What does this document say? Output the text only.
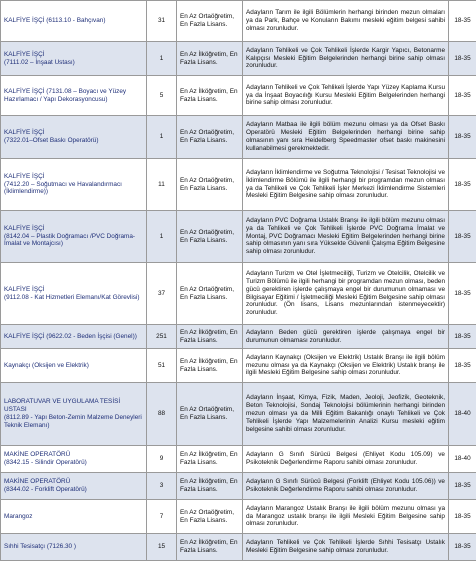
KALFİYE İŞÇİ (6113.10 - Bahçıvan)	31	En Az Ortaöğretim,
En Fazla Lisans.	Adayların Tarım ile ilgili Bölümlerin herhangi birinden mezun olmaları ya da Park, Bahçe ve Konuların Bakımı mesleki eğitim belgesi sahibi olması zorunludur.	18-35

KALFİYE İŞÇİ
(7111.02 – İnşaat Ustası)	1	En Az İlköğretim, En
Fazla Lisans.	Adayların Tehlikeli ve Çok Tehlikeli İşlerde Kargir Yapıcı, Betonarme Kalıpçısı Mesleki Eğitim Belgelerinden herhangi birine sahip olması zorunludur.	18-35

KALFİYE İŞÇİ (7131.08 – Boyacı ve Yüzey
Hazırlamacı / Yapı Dekorasyoncusu)	5	En Az İlköğretim, En
Fazla Lisans.	Adayların Tehlikeli ve Çok Tehlikeli İşlerde Yapı Yüzey Kaplama Kursu ya da İnşaat Boyacılığı Kursu Mesleki Eğitim Belgelerinden herhangi birine sahip olması zorunludur.	18-35

KALFİYE İŞÇİ
(7322.01–Ofset Baskı Operatörü)	1	En Az Ortaöğretim,
En Fazla Lisans.	Adayların Matbaa ile ilgili bölüm mezunu olması ya da Ofset Baskı Operatörü Mesleki Eğitim Belgelerinden herhangi birine sahip olmasının yanı sıra Heidelberg Speedmaster ofset baskı makinesini kullanabilmesi gerekmektedir.	18-35

KALFİYE İŞÇİ
(7412.20 – Soğutmacı ve Havalandırmacı (İklimlendirme))	11	En Az Ortaöğretim,
En Fazla Lisans.	Adayların İklimlendirme ve Soğutma Teknolojisi / Tesisat Teknolojisi ve İklimlendirme Bölümü ile ilgili herhangi bir programdan mezun olması ya da Tehlikeli ve Çok Tehlikeli İşler Merkezi İklimlendirme Sistemleri Mesleki Eğitim Belgesine sahip olması zorunludur.	18-35

KALFİYE İŞÇİ
(8142.04 – Plastik Doğramacı /PVC Doğrama-İmalat ve Montajcısı)	1	En Az Ortaöğretim,
En Fazla Lisans.	Adayların PVC Doğrama Ustalık Branşı ile ilgili bölüm mezunu olması ya da Tehlikeli ve Çok Tehlikeli İşlerde PVC Doğrama İmalat ve Montaj, PVC Doğramacı Mesleki Eğitim Belgelerinden herhangi birine sahip olmasının yanı sıra Yüksekte Güvenli Çalışma Eğitim Belgesine sahip olması zorunludur.	18-35

KALFİYE İŞÇİ
(9112.08 - Kat Hizmetleri Elemanı/Kat Görevlisi)	37	En Az Ortaöğretim,
En Fazla Lisans.	Adayların Turizm ve Otel İşletmeciliği, Turizm ve Otelcilik, Otelcilik ve Turizm Bölümü ile ilgili herhangi bir programdan mezun olması, beden gücü gerektiren işlerde çalışmaya engel bir durumunun olmaması ve Bilgisayar Eğitimi / İşletmeciliği Mesleki Eğitim Belgesine sahip olması zorunludur. (Ön lisans, Lisans mezunlarından istenmeyecektir) zorunludur.	18-35

KALFİYE İŞÇİ (9622.02 - Beden İşçisi (Genel))	251	En Az İlköğretim, En
Fazla Lisans.	Adayların Beden gücü gerektiren işlerde çalışmaya engel bir durumunun olmaması zorunludur.	18-35

Kaynakçı (Oksijen ve Elektrik)	51	En Az İlköğretim, En
Fazla Lisans.	Adayların Kaynakçı (Oksijen ve Elektrik) Ustalık Branşı ile ilgili bölüm mezunu olması ya da Kaynakçı (Oksijen ve Elektrik) Ustalık branşı ile ilgili Mesleki Eğitim Belgesine sahip olması zorunludur.	18-35

LABORATUVAR VE UYGULAMA TESİSİ USTASI
(8112.89 - Yapı Beton-Zemin Malzeme Deneyleri Teknik Elemanı)	88	En Az Ortaöğretim,
En Fazla Lisans.	Adayların İnşaat, Kimya, Fizik, Maden, Jeoloji, Jeofizik, Geoteknik, Beton Teknolojisi, Sondaj Teknolojisi bölümlerinin herhangi birinden mezun olması ya da Milli Eğitim Bakanlığı onaylı Tehlikeli ve Çok Tehlikeli İşlerde Yapı Malzemelerinin Analizi Kursu mesleki eğitim belgesine sahibi olması zorunludur.	18-40

MAKİNE OPERATÖRÜ
(8342.15 - Silindir Operatörü)	9	En Az İlköğretim, En
Fazla Lisans.	Adayların G Sınıfı Sürücü Belgesi (Ehliyet Kodu 105.09) ve Psikoteknik Değerlendirme Raporu sahibi olması zorunludur.	18-40

MAKİNE OPERATÖRÜ
(8344.02 - Forklift Operatörü)	3	En Az İlköğretim, En
Fazla Lisans.	Adayların G Sınıfı Sürücü Belgesi (Forklift (Ehliyet Kodu 105.06)) ve Psikoteknik Değerlendirme Raporu sahibi olması zorunludur.	18-35

Marangoz	7	En Az Ortaöğretim,
En Fazla Lisans.	Adayların Marangoz Ustalık Branşı ile ilgili bölüm mezunu olması ya da Marangoz ustalık branşı ile ilgili Mesleki Eğitim Belgesine sahip olması zorunludur.	18-35

Sıhhi Tesisatçı (7126.30 )	15	En Az İlköğretim, En
Fazla Lisans.	Adayların Tehlikeli ve Çok Tehlikeli İşlerde Sıhhi Tesisatçı Ustalık Mesleki Eğitim Belgesine sahip olması zorunludur.	18-35
